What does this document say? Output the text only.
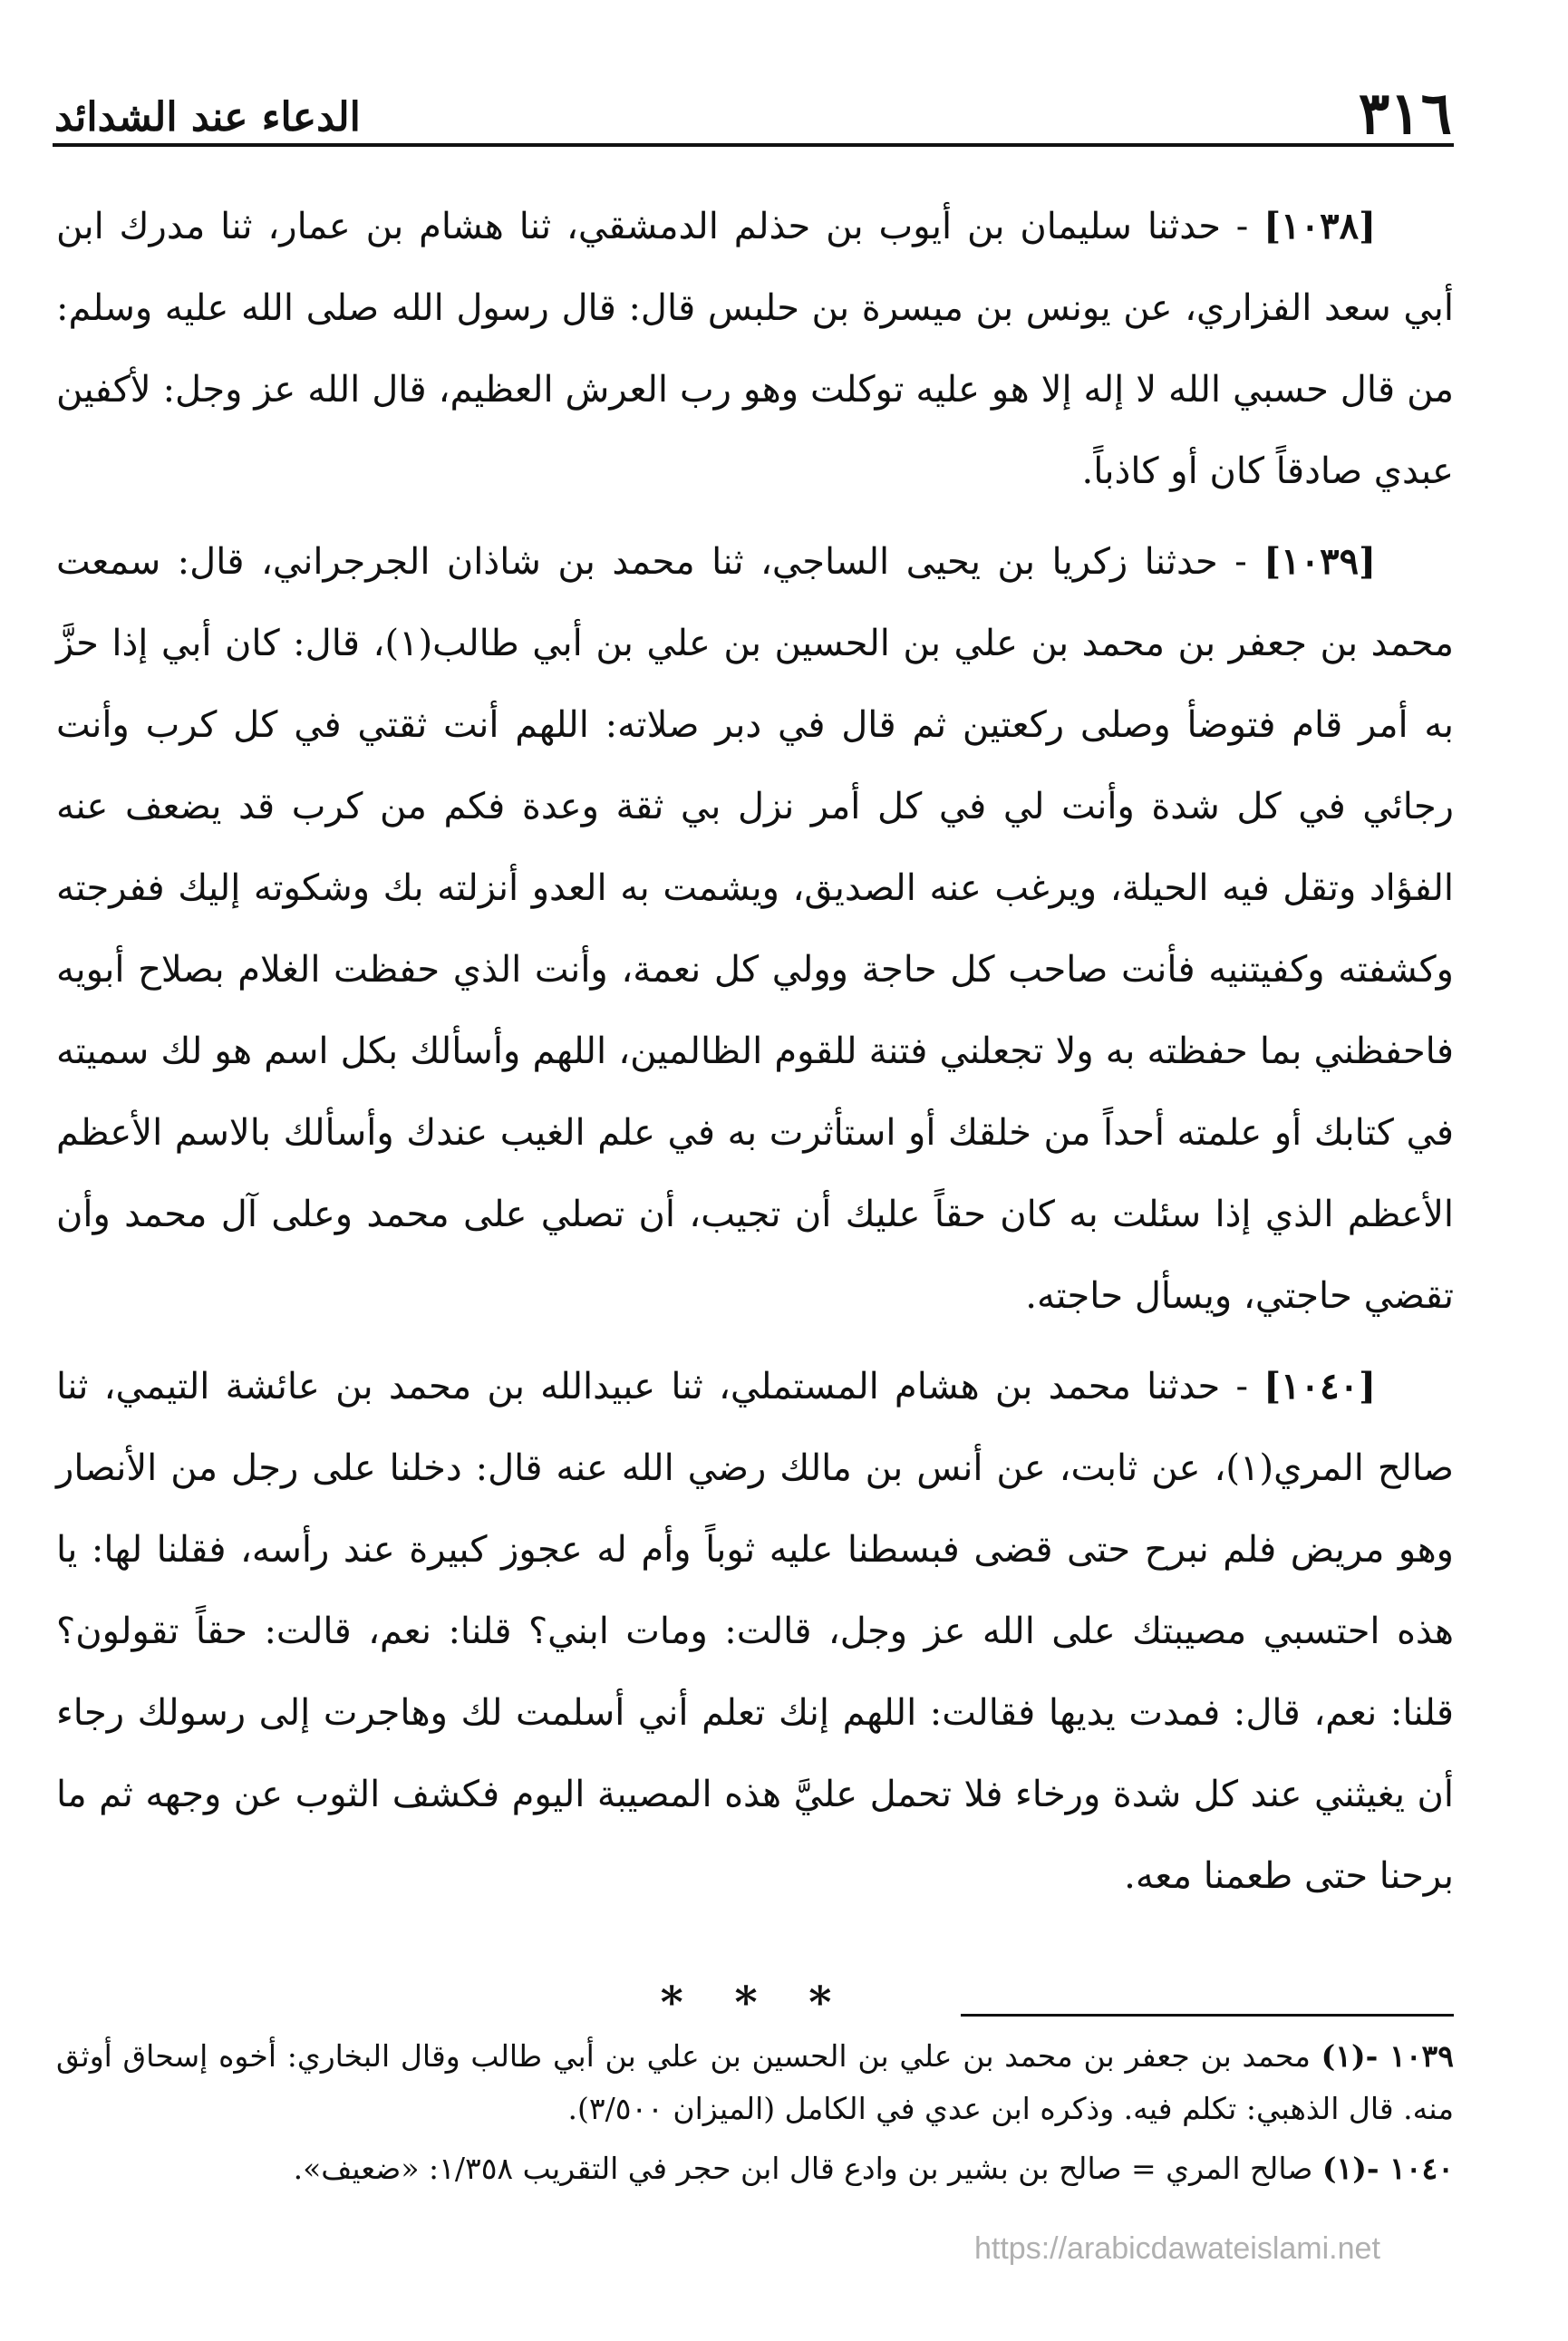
٣١٦
الدعاء عند الشدائد

[١٠٣٨] - حدثنا سليمان بن أيوب بن حذلم الدمشقي، ثنا هشام بن عمار، ثنا مدرك ابن أبي سعد الفزاري، عن يونس بن ميسرة بن حلبس قال: قال رسول الله صلى الله عليه وسلم: من قال حسبي الله لا إله إلا هو عليه توكلت وهو رب العرش العظيم، قال الله عز وجل: لأكفين عبدي صادقاً كان أو كاذباً.

[١٠٣٩] - حدثنا زكريا بن يحيى الساجي، ثنا محمد بن شاذان الجرجراني، قال: سمعت محمد بن جعفر بن محمد بن علي بن الحسين بن علي بن أبي طالب(١)، قال: كان أبي إذا حزَّ به أمر قام فتوضأ وصلى ركعتين ثم قال في دبر صلاته: اللهم أنت ثقتي في كل كرب وأنت رجائي في كل شدة وأنت لي في كل أمر نزل بي ثقة وعدة فكم من كرب قد يضعف عنه الفؤاد وتقل فيه الحيلة، ويرغب عنه الصديق، ويشمت به العدو أنزلته بك وشكوته إليك ففرجته وكشفته وكفيتنيه فأنت صاحب كل حاجة وولي كل نعمة، وأنت الذي حفظت الغلام بصلاح أبويه فاحفظني بما حفظته به ولا تجعلني فتنة للقوم الظالمين، اللهم وأسألك بكل اسم هو لك سميته في كتابك أو علمته أحداً من خلقك أو استأثرت به في علم الغيب عندك وأسألك بالاسم الأعظم الأعظم الذي إذا سئلت به كان حقاً عليك أن تجيب، أن تصلي على محمد وعلى آل محمد وأن تقضي حاجتي، ويسأل حاجته.

[١٠٤٠] - حدثنا محمد بن هشام المستملي، ثنا عبيدالله بن محمد بن عائشة التيمي، ثنا صالح المري(١)، عن ثابت، عن أنس بن مالك رضي الله عنه قال: دخلنا على رجل من الأنصار وهو مريض فلم نبرح حتى قضى فبسطنا عليه ثوباً وأم له عجوز كبيرة عند رأسه، فقلنا لها: يا هذه احتسبي مصيبتك على الله عز وجل، قالت: ومات ابني؟ قلنا: نعم، قالت: حقاً تقولون؟ قلنا: نعم، قال: فمدت يديها فقالت: اللهم إنك تعلم أني أسلمت لك وهاجرت إلى رسولك رجاء أن يغيثني عند كل شدة ورخاء فلا تحمل عليَّ هذه المصيبة اليوم فكشف الثوب عن وجهه ثم ما برحنا حتى طعمنا معه.

* * *

١٠٣٩ -(١) محمد بن جعفر بن محمد بن علي بن الحسين بن علي بن أبي طالب وقال البخاري: أخوه إسحاق أوثق منه. قال الذهبي: تكلم فيه. وذكره ابن عدي في الكامل (الميزان ٣/٥٠٠).

١٠٤٠ -(١) صالح المري = صالح بن بشير بن وادع قال ابن حجر في التقريب ١/٣٥٨: «ضعيف».

https://arabicdawateislami.net
